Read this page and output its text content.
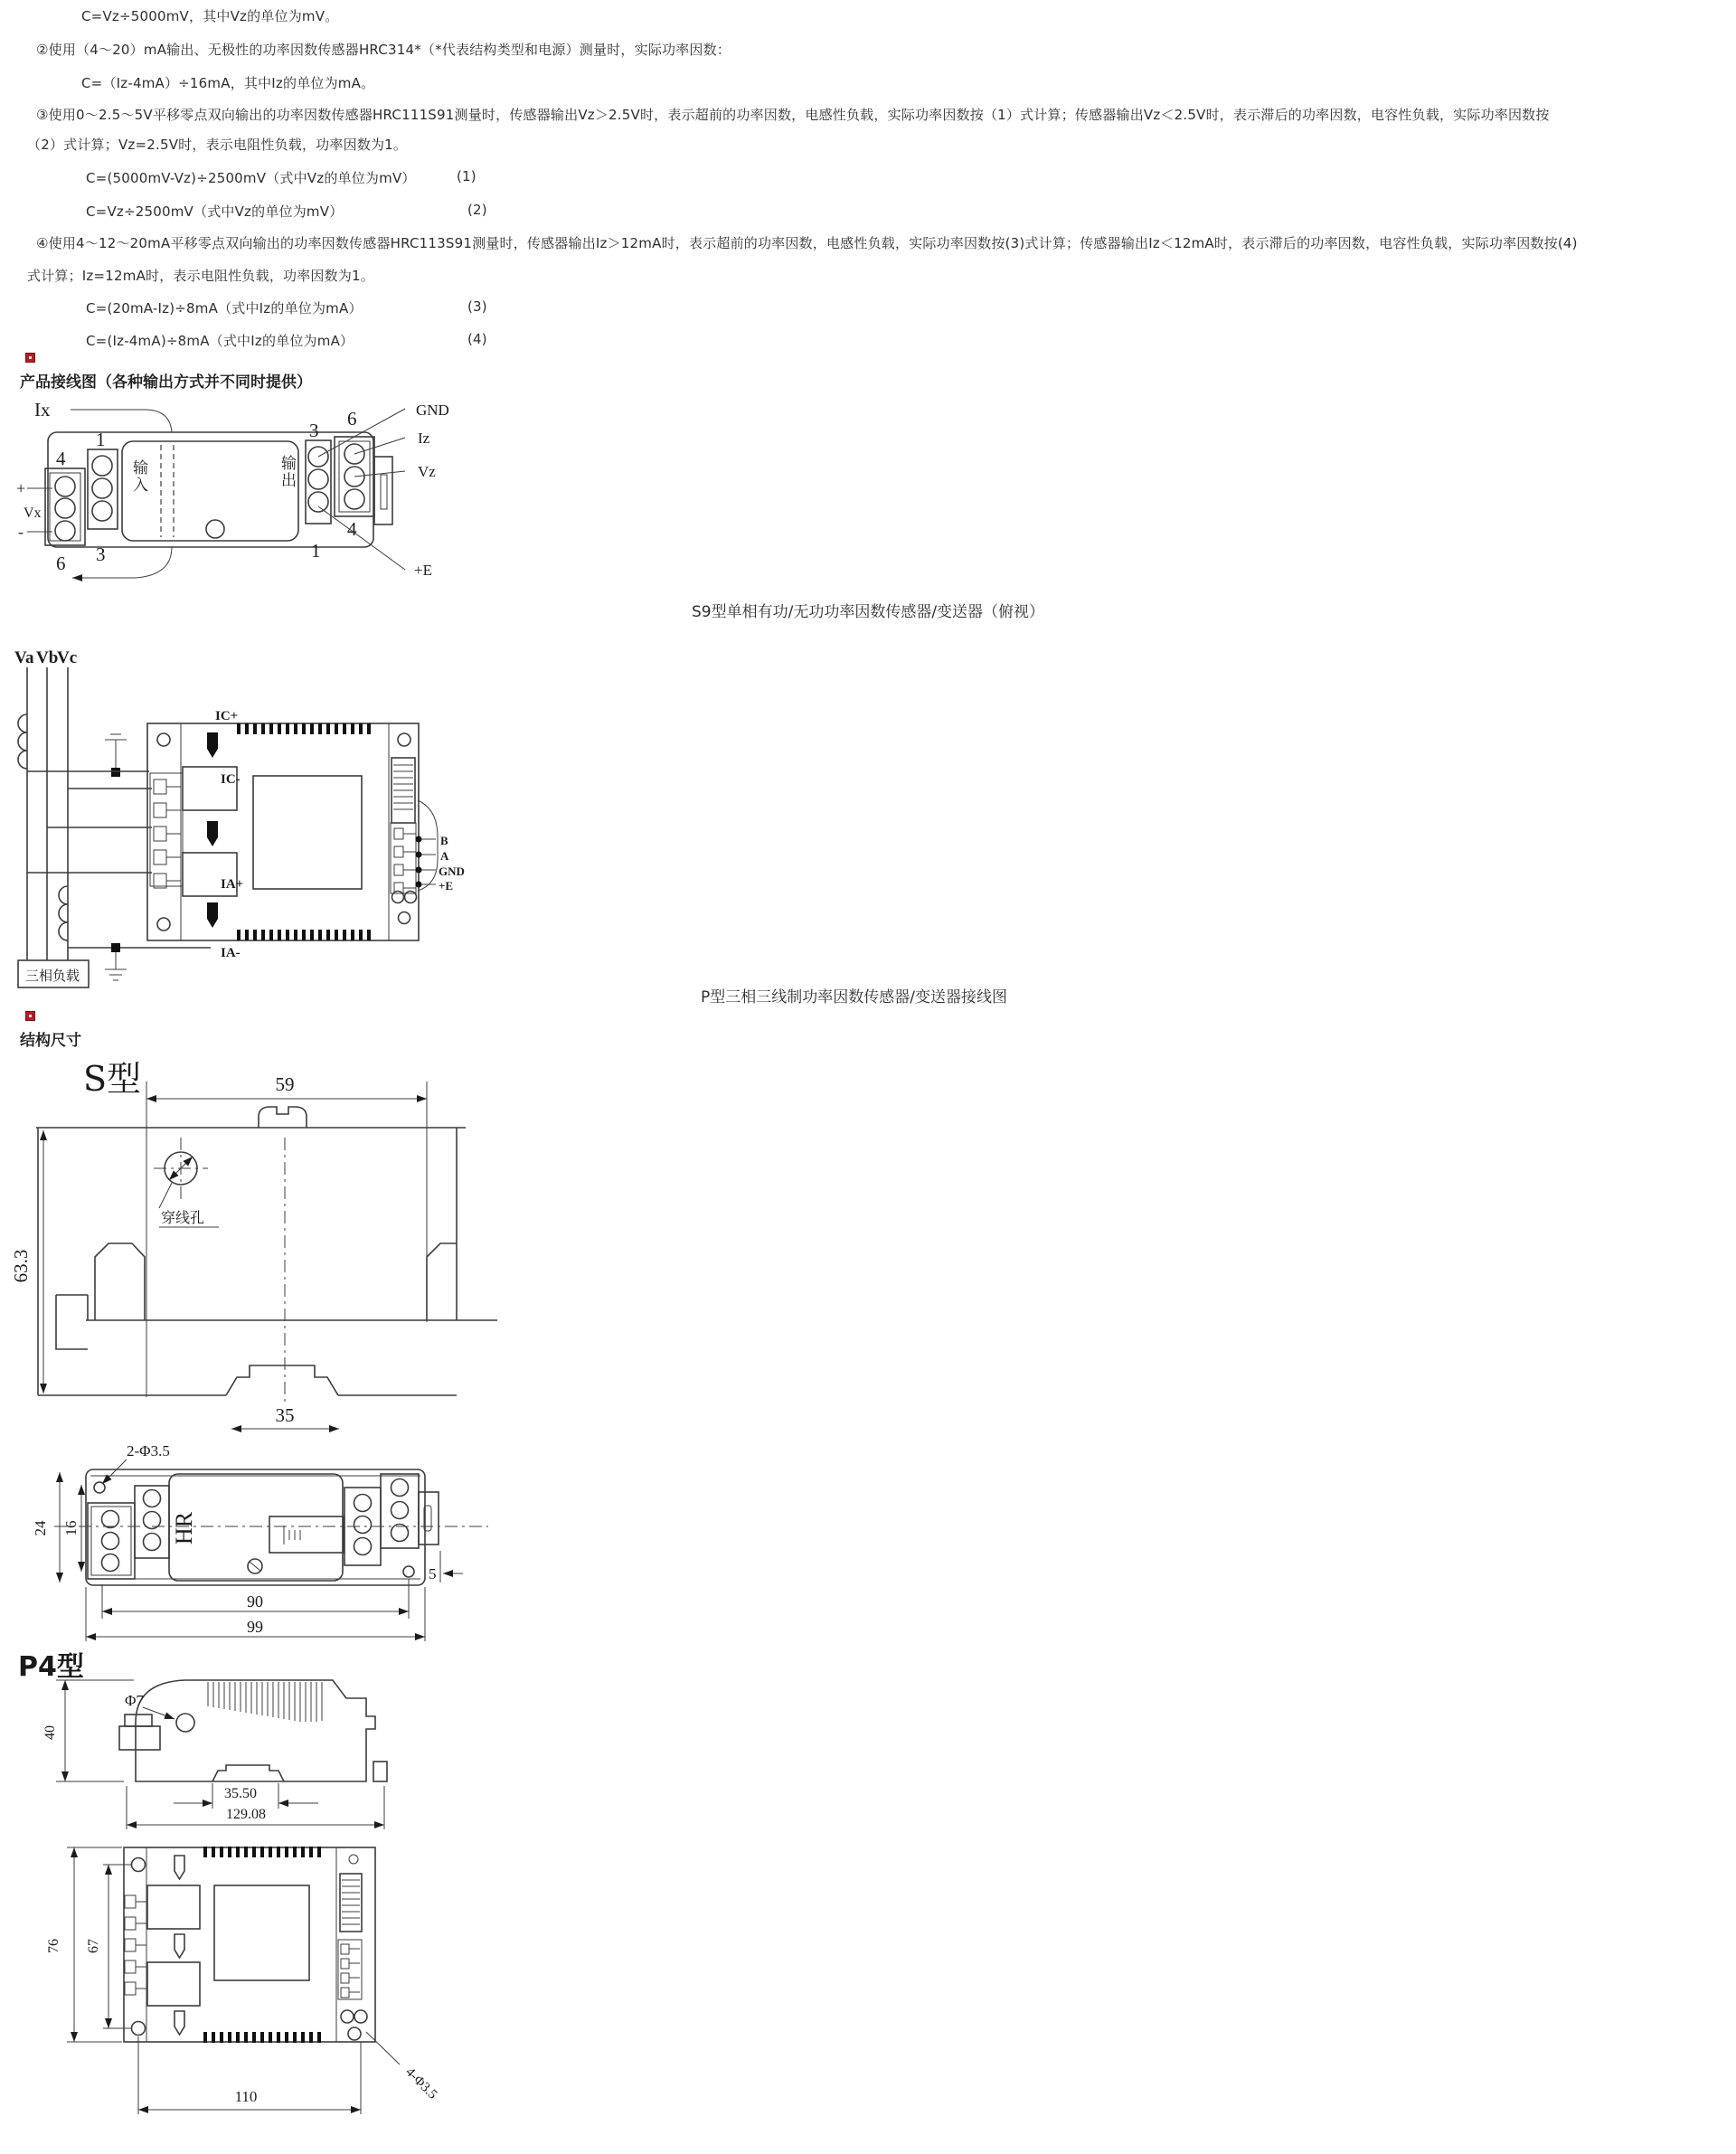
C=Vz÷5000mV，其中Vz的单位为mV。
②使用（4～20）mA输出、无极性的功率因数传感器HRC314*（*代表结构类型和电源）测量时，实际功率因数：
C=（Iz-4mA）÷16mA，其中Iz的单位为mA。
③使用0～2.5～5V平移零点双向输出的功率因数传感器HRC111S91测量时，传感器输出Vz＞2.5V时，表示超前的功率因数，电感性负载，实际功率因数按（1）式计算；传感器输出Vz＜2.5V时，表示滞后的功率因数，电容性负载，实际功率因数按
（2）式计算；Vz=2.5V时，表示电阻性负载，功率因数为1。
C=(5000mV-Vz)÷2500mV（式中Vz的单位为mV）	(1)
C=Vz÷2500mV（式中Vz的单位为mV）	(2)
④使用4～12～20mA平移零点双向输出的功率因数传感器HRC113S91测量时，传感器输出Iz＞12mA时，表示超前的功率因数，电感性负载，实际功率因数按(3)式计算；传感器输出Iz＜12mA时，表示滞后的功率因数，电容性负载，实际功率因数按(4)
式计算；Iz=12mA时，表示电阻性负载，功率因数为1。
C=(20mA-Iz)÷8mA（式中Iz的单位为mA）	(3)
C=(Iz-4mA)÷8mA（式中Iz的单位为mA）	(4)
产品接线图（各种输出方式并不同时提供）
Ix
4
+
Vx
-
6
1
3
3
1
6
4
GND
Iz
Vz
+E
输入	输出
S9型单相有功/无功功率因数传感器/变送器（俯视）
Va Vb
Vc
IC+
IC-
IA+
IA-
B
A
GND
+E
三相负载
P型三相三线制功率因数传感器/变送器接线图
结构尺寸
S型	59
63.3
35
穿线孔
HR
2-Φ3.5
24 16
5
90
99
P4型
Φ7
40
35.50
129.08
76 67
4-Φ3.5
110
